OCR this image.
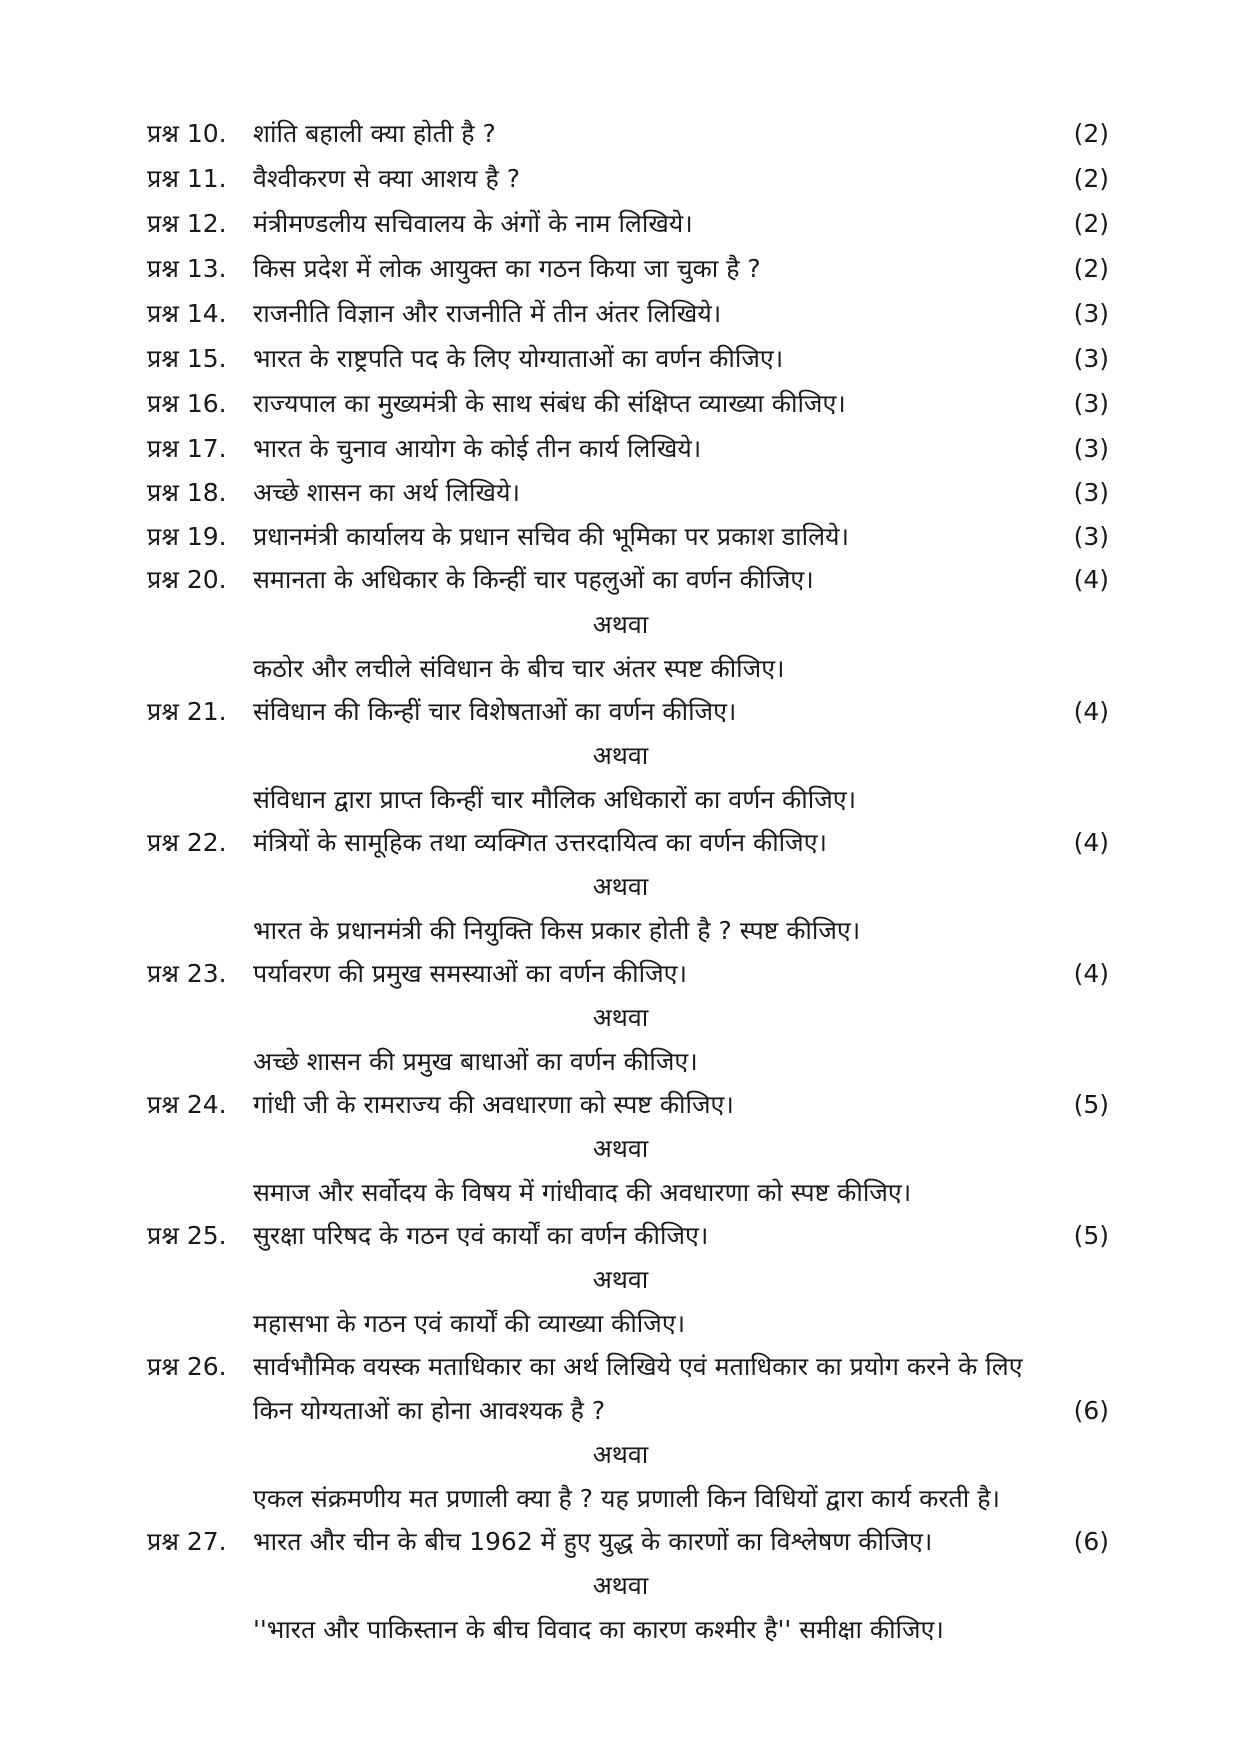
प्रश्न 10. शांति बहाली क्या होती है ?	(2)
प्रश्न 11. वैश्वीकरण से क्या आशय है ?	(2)
प्रश्न 12. मंत्रीमण्डलीय सचिवालय के अंगों के नाम लिखिये।	(2)
प्रश्न 13. किस प्रदेश में लोक आयुक्त का गठन किया जा चुका है ?	(2)
प्रश्न 14. राजनीति विज्ञान और राजनीति में तीन अंतर लिखिये।	(3)
प्रश्न 15. भारत के राष्ट्रपति पद के लिए योग्याताओं का वर्णन कीजिए।	(3)
प्रश्न 16. राज्यपाल का मुख्यमंत्री के साथ संबंध की संक्षिप्त व्याख्या कीजिए।	(3)
प्रश्न 17. भारत के चुनाव आयोग के कोई तीन कार्य लिखिये।	(3)
प्रश्न 18. अच्छे शासन का अर्थ लिखिये।	(3)
प्रश्न 19. प्रधानमंत्री कार्यालय के प्रधान सचिव की भूमिका पर प्रकाश डालिये।	(3)
प्रश्न 20. समानता के अधिकार के किन्हीं चार पहलुओं का वर्णन कीजिए।	(4)
अथवा
कठोर और लचीले संविधान के बीच चार अंतर स्पष्ट कीजिए।
प्रश्न 21. संविधान की किन्हीं चार विशेषताओं का वर्णन कीजिए।	(4)
अथवा
संविधान द्वारा प्राप्त किन्हीं चार मौलिक अधिकारों का वर्णन कीजिए।
प्रश्न 22. मंत्रियों के सामूहिक तथा व्यक्गित उत्तरदायित्व का वर्णन कीजिए।	(4)
अथवा
भारत के प्रधानमंत्री की नियुक्ति किस प्रकार होती है ? स्पष्ट कीजिए।
प्रश्न 23. पर्यावरण की प्रमुख समस्याओं का वर्णन कीजिए।	(4)
अथवा
अच्छे शासन की प्रमुख बाधाओं का वर्णन कीजिए।
प्रश्न 24. गांधी जी के रामराज्य की अवधारणा को स्पष्ट कीजिए।	(5)
अथवा
समाज और सर्वोदय के विषय में गांधीवाद की अवधारणा को स्पष्ट कीजिए।
प्रश्न 25. सुरक्षा परिषद के गठन एवं कार्यों का वर्णन कीजिए।	(5)
अथवा
महासभा के गठन एवं कार्यों की व्याख्या कीजिए।
प्रश्न 26. सार्वभौमिक वयस्क मताधिकार का अर्थ लिखिये एवं मताधिकार का प्रयोग करने के लिए
किन योग्यताओं का होना आवश्यक है ?	(6)
अथवा
एकल संक्रमणीय मत प्रणाली क्या है ? यह प्रणाली किन विधियों द्वारा कार्य करती है।
प्रश्न 27. भारत और चीन के बीच 1962 में हुए युद्ध के कारणों का विश्लेषण कीजिए।	(6)
अथवा
''भारत और पाकिस्तान के बीच विवाद का कारण कश्मीर है'' समीक्षा कीजिए।
